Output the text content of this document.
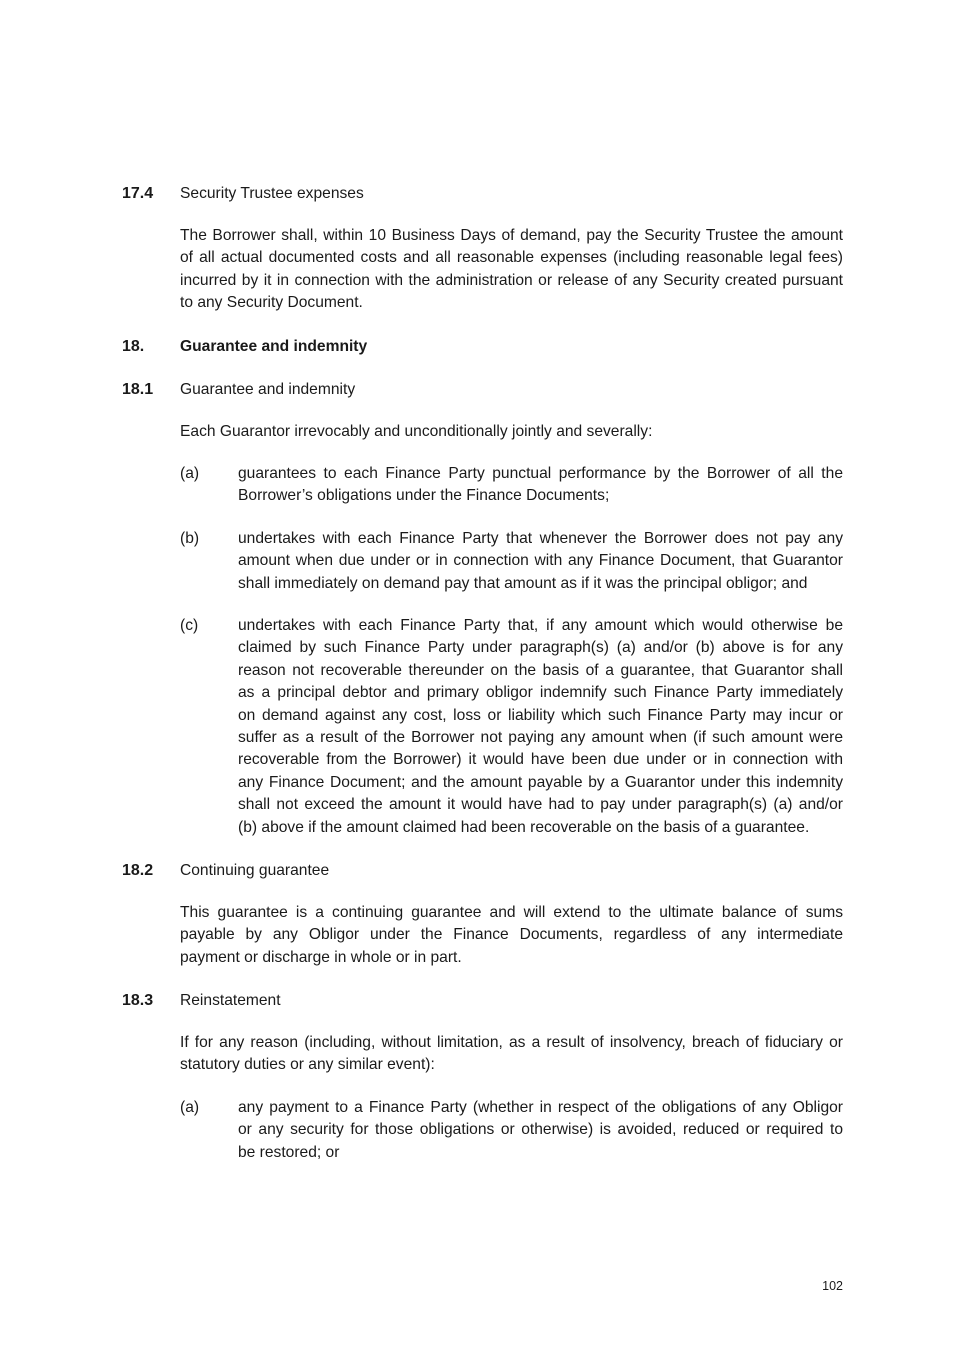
17.4 Security Trustee expenses
18. Guarantee and indemnity
18.1 Guarantee and indemnity
18.2 Continuing guarantee
18.3 Reinstatement
The Borrower shall, within 10 Business Days of demand, pay the Security Trustee the amount
of all actual documented costs and all reasonable expenses (including reasonable legal fees)
incurred by it in connection with the administration or release of any Security created pursuant
to any Security Document.
Each Guarantor irrevocably and unconditionally jointly and severally:
This guarantee is a continuing guarantee and will extend to the ultimate balance of sums
payable by any Obligor under the Finance Documents, regardless of any intermediate
payment or discharge in whole or in part.
If for any reason (including, without limitation, as a result of insolvency, breach of fiduciary or
statutory duties or any similar event):
(a) guarantees to each Finance Party punctual performance by the Borrower of all the
Borrower’s obligations under the Finance Documents;
(b) undertakes with each Finance Party that whenever the Borrower does not pay any
amount when due under or in connection with any Finance Document, that Guarantor
shall immediately on demand pay that amount as if it was the principal obligor; and
(c)	undertakes with each Finance Party that, if any amount which would otherwise be
claimed by such Finance Party under paragraph(s) (a) and/or (b) above is for any
reason not recoverable thereunder on the basis of a guarantee, that Guarantor shall
as a principal debtor and primary obligor indemnify such Finance Party immediately
on demand against any cost, loss or liability which such Finance Party may incur or
suffer as a result of the Borrower not paying any amount when (if such amount were
recoverable from the Borrower) it would have been due under or in connection with
any Finance Document; and the amount payable by a Guarantor under this indemnity
shall not exceed the amount it would have had to pay under paragraph(s) (a) and/or
(b) above if the amount claimed had been recoverable on the basis of a guarantee.
(a) any payment to a Finance Party (whether in respect of the obligations of any Obligor
or any security for those obligations or otherwise) is avoided, reduced or required to
be restored; or
102
